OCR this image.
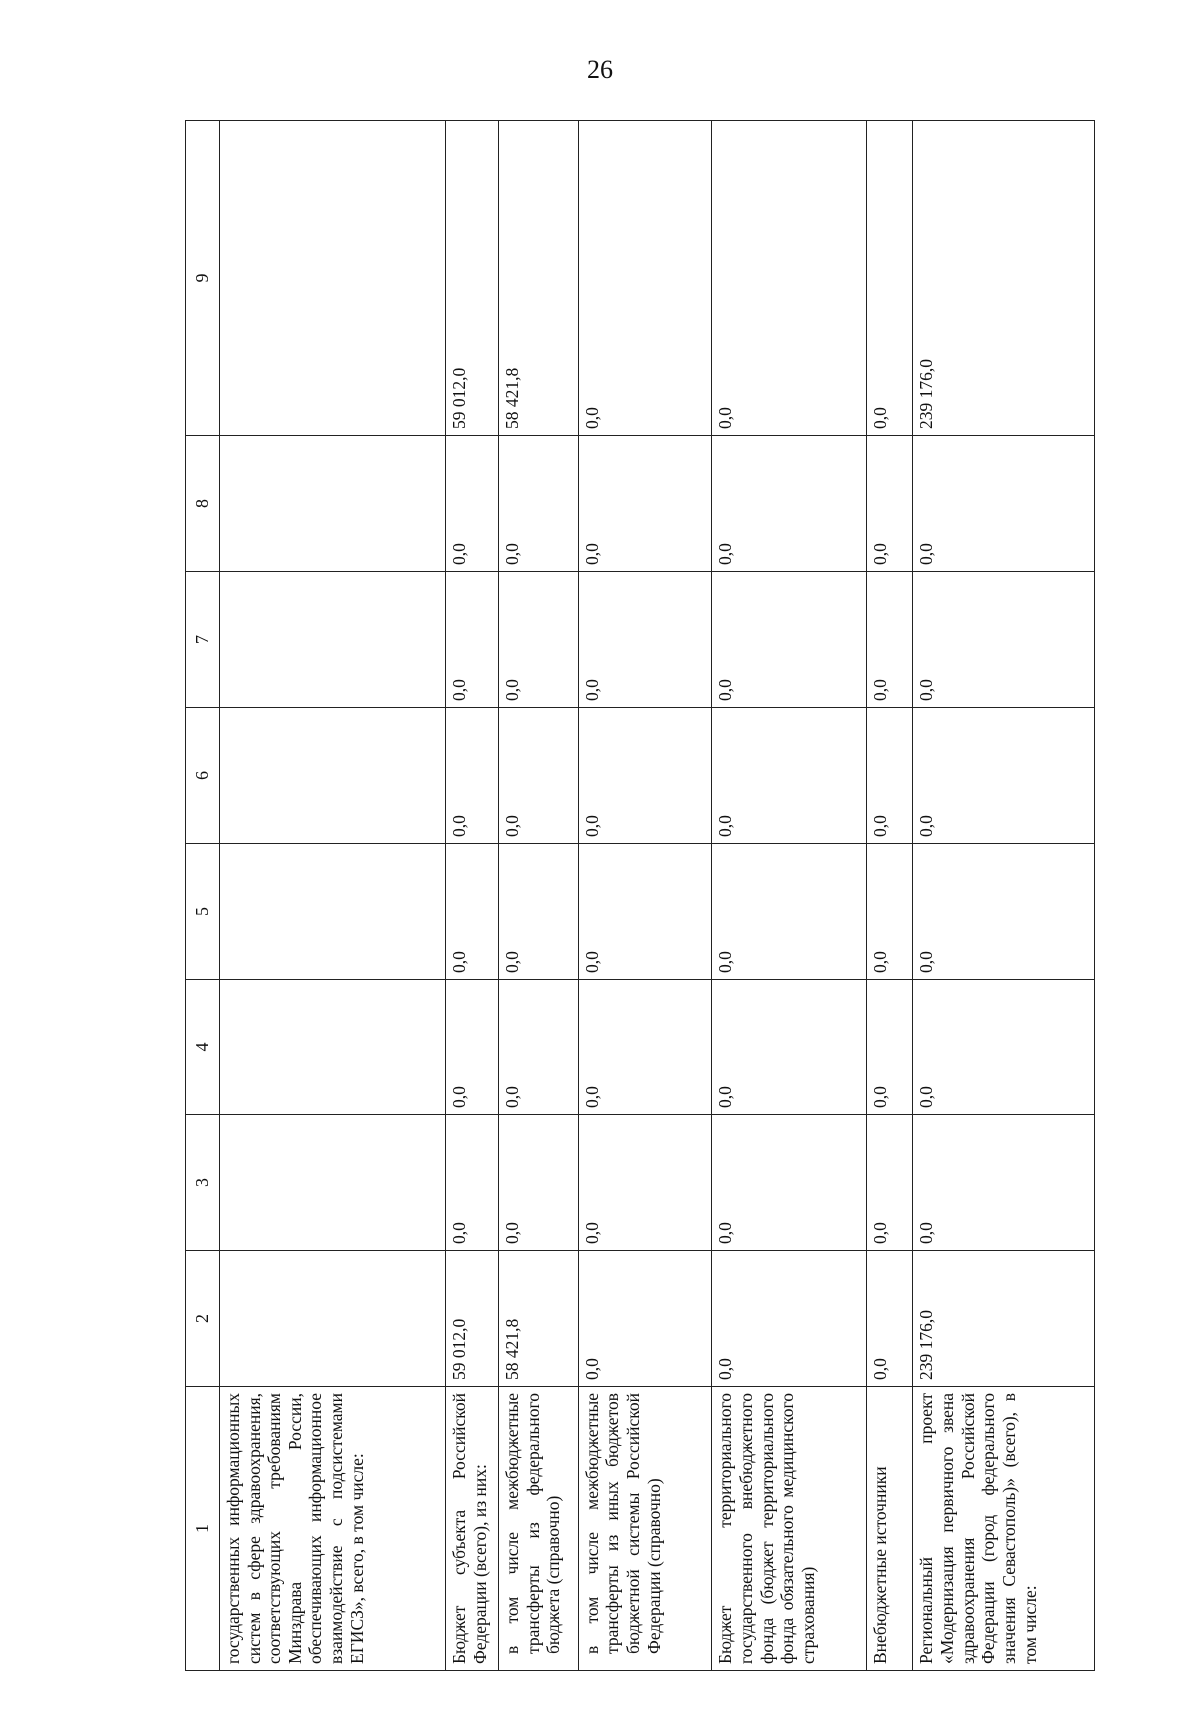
26
1	2	3	4	5	6	7	8	9
государственных информационных систем в сфере здравоохранения, соответствующих требованиям Минздрава России, обеспечивающих информационное взаимодействие с подсистемами ЕГИСЗ», всего, в том числе:								
Бюджет субъекта Российской Федерации (всего), из них:	59 012,0	0,0	0,0	0,0	0,0	0,0	0,0	59 012,0
в том числе межбюджетные трансферты из федерального бюджета (справочно)	58 421,8	0,0	0,0	0,0	0,0	0,0	0,0	58 421,8
в том числе межбюджетные трансферты из иных бюджетов бюджетной системы Российской Федерации (справочно)	0,0	0,0	0,0	0,0	0,0	0,0	0,0	0,0
Бюджет территориального государственного внебюджетного фонда (бюджет территориального фонда обязательного медицинского страхования)	0,0	0,0	0,0	0,0	0,0	0,0	0,0	0,0
Внебюджетные источники	0,0	0,0	0,0	0,0	0,0	0,0	0,0	0,0
Региональный проект «Модернизация первичного звена здравоохранения Российской Федерации (город федерального значения Севастополь)» (всего), в том числе:	239 176,0	0,0	0,0	0,0	0,0	0,0	0,0	239 176,0
